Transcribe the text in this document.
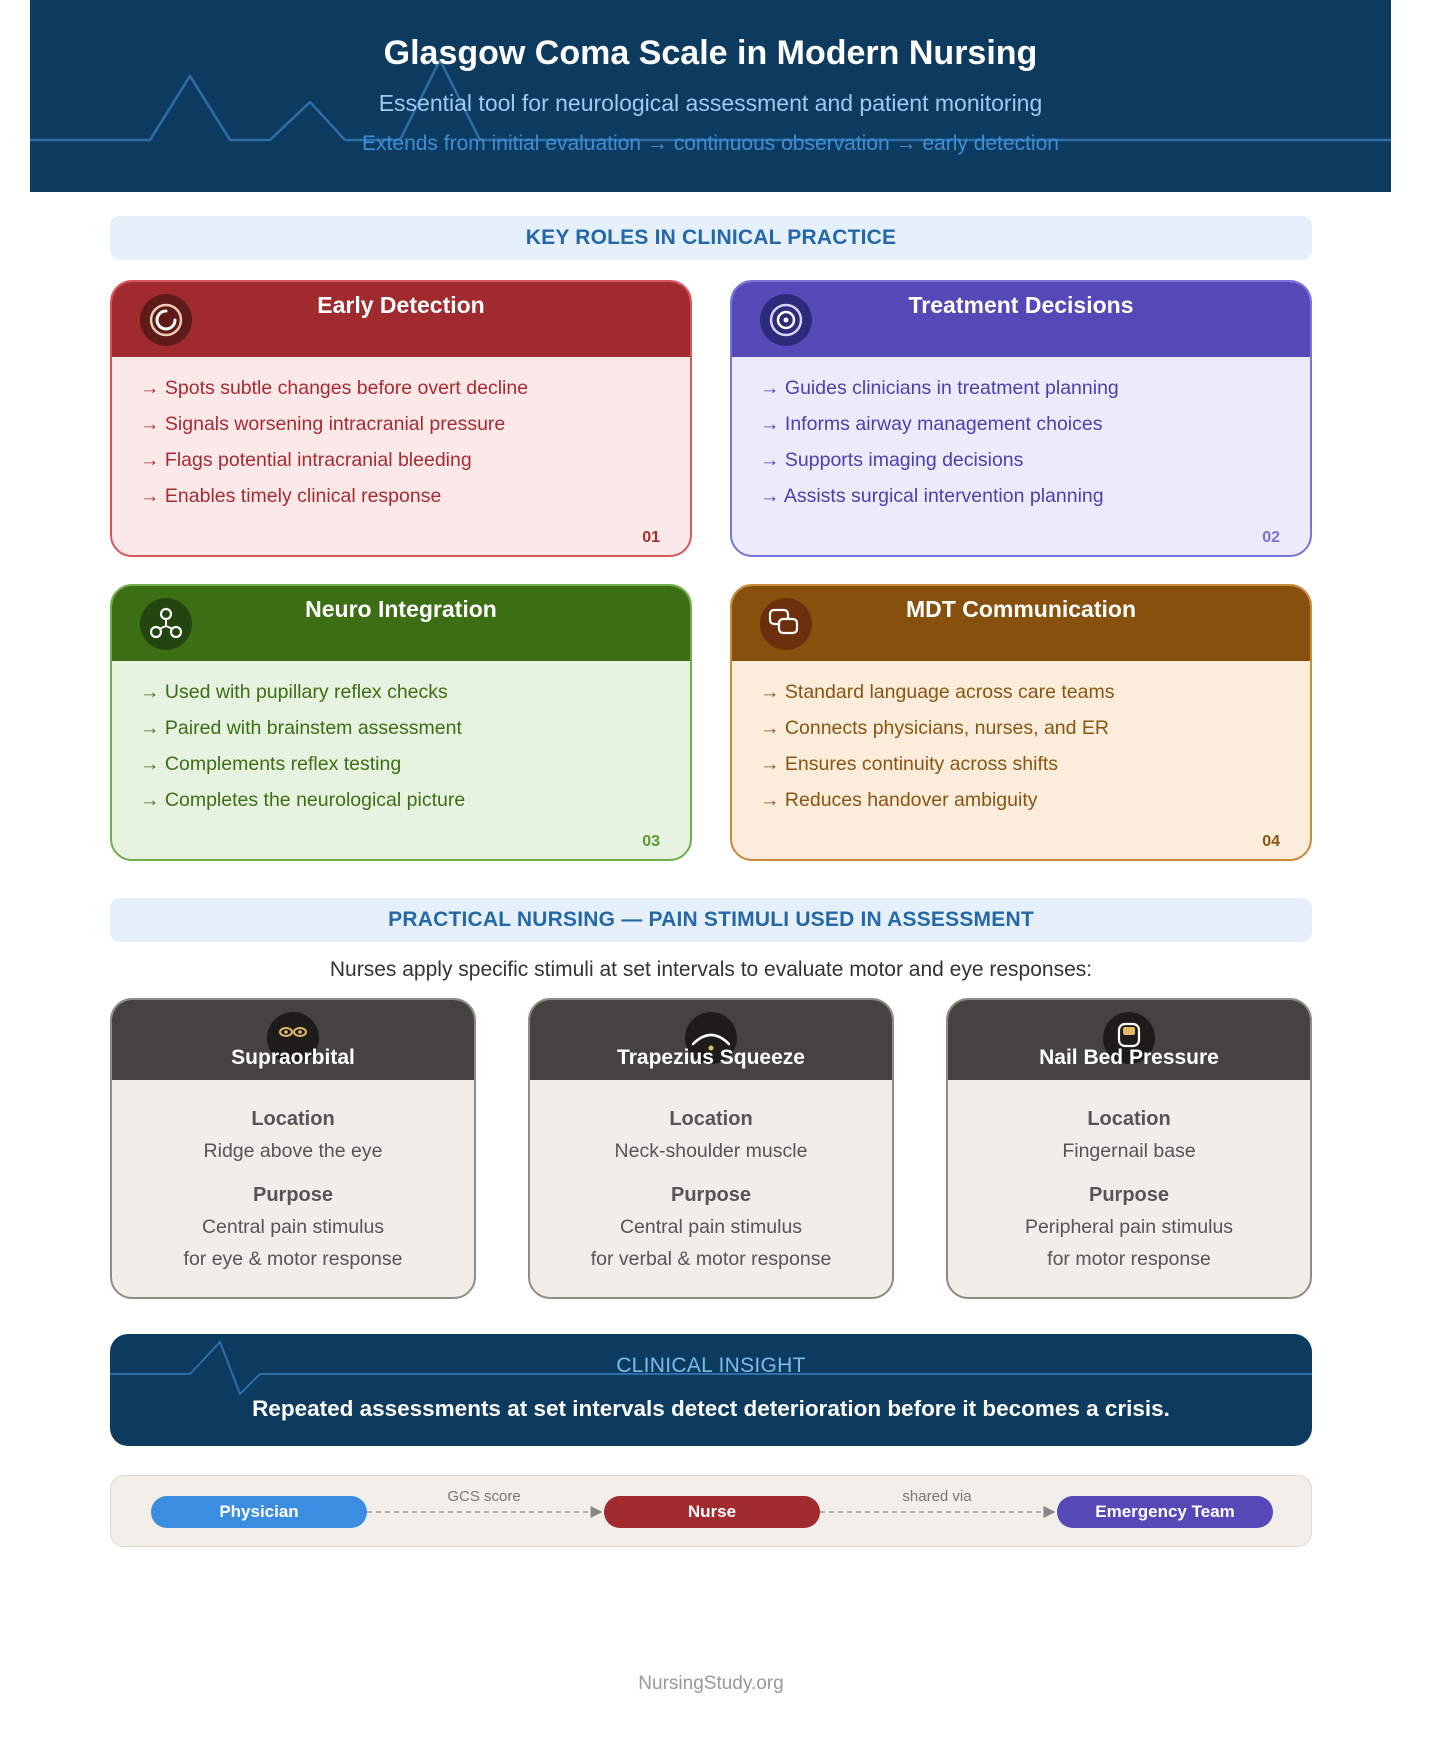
Glasgow Coma Scale in Modern Nursing
Essential tool for neurological assessment and patient monitoring
Extends from initial evaluation → continuous observation → early detection
KEY ROLES IN CLINICAL PRACTICE
Early Detection
→ Spots subtle changes before overt decline
→ Signals worsening intracranial pressure
→ Flags potential intracranial bleeding
→ Enables timely clinical response
01
Treatment Decisions
→ Guides clinicians in treatment planning
→ Informs airway management choices
→ Supports imaging decisions
→ Assists surgical intervention planning
02
Neuro Integration
→ Used with pupillary reflex checks
→ Paired with brainstem assessment
→ Complements reflex testing
→ Completes the neurological picture
03
MDT Communication
→ Standard language across care teams
→ Connects physicians, nurses, and ER
→ Ensures continuity across shifts
→ Reduces handover ambiguity
04
PRACTICAL NURSING — PAIN STIMULI USED IN ASSESSMENT
Nurses apply specific stimuli at set intervals to evaluate motor and eye responses:
Supraorbital
Location
Ridge above the eye
Purpose
Central pain stimulus
for eye & motor response
Trapezius Squeeze
Location
Neck-shoulder muscle
Purpose
Central pain stimulus
for verbal & motor response
Nail Bed Pressure
Location
Fingernail base
Purpose
Peripheral pain stimulus
for motor response
CLINICAL INSIGHT
Repeated assessments at set intervals detect deterioration before it becomes a crisis.
GCS score	shared via
Physician	Nurse	Emergency Team
NursingStudy.org
